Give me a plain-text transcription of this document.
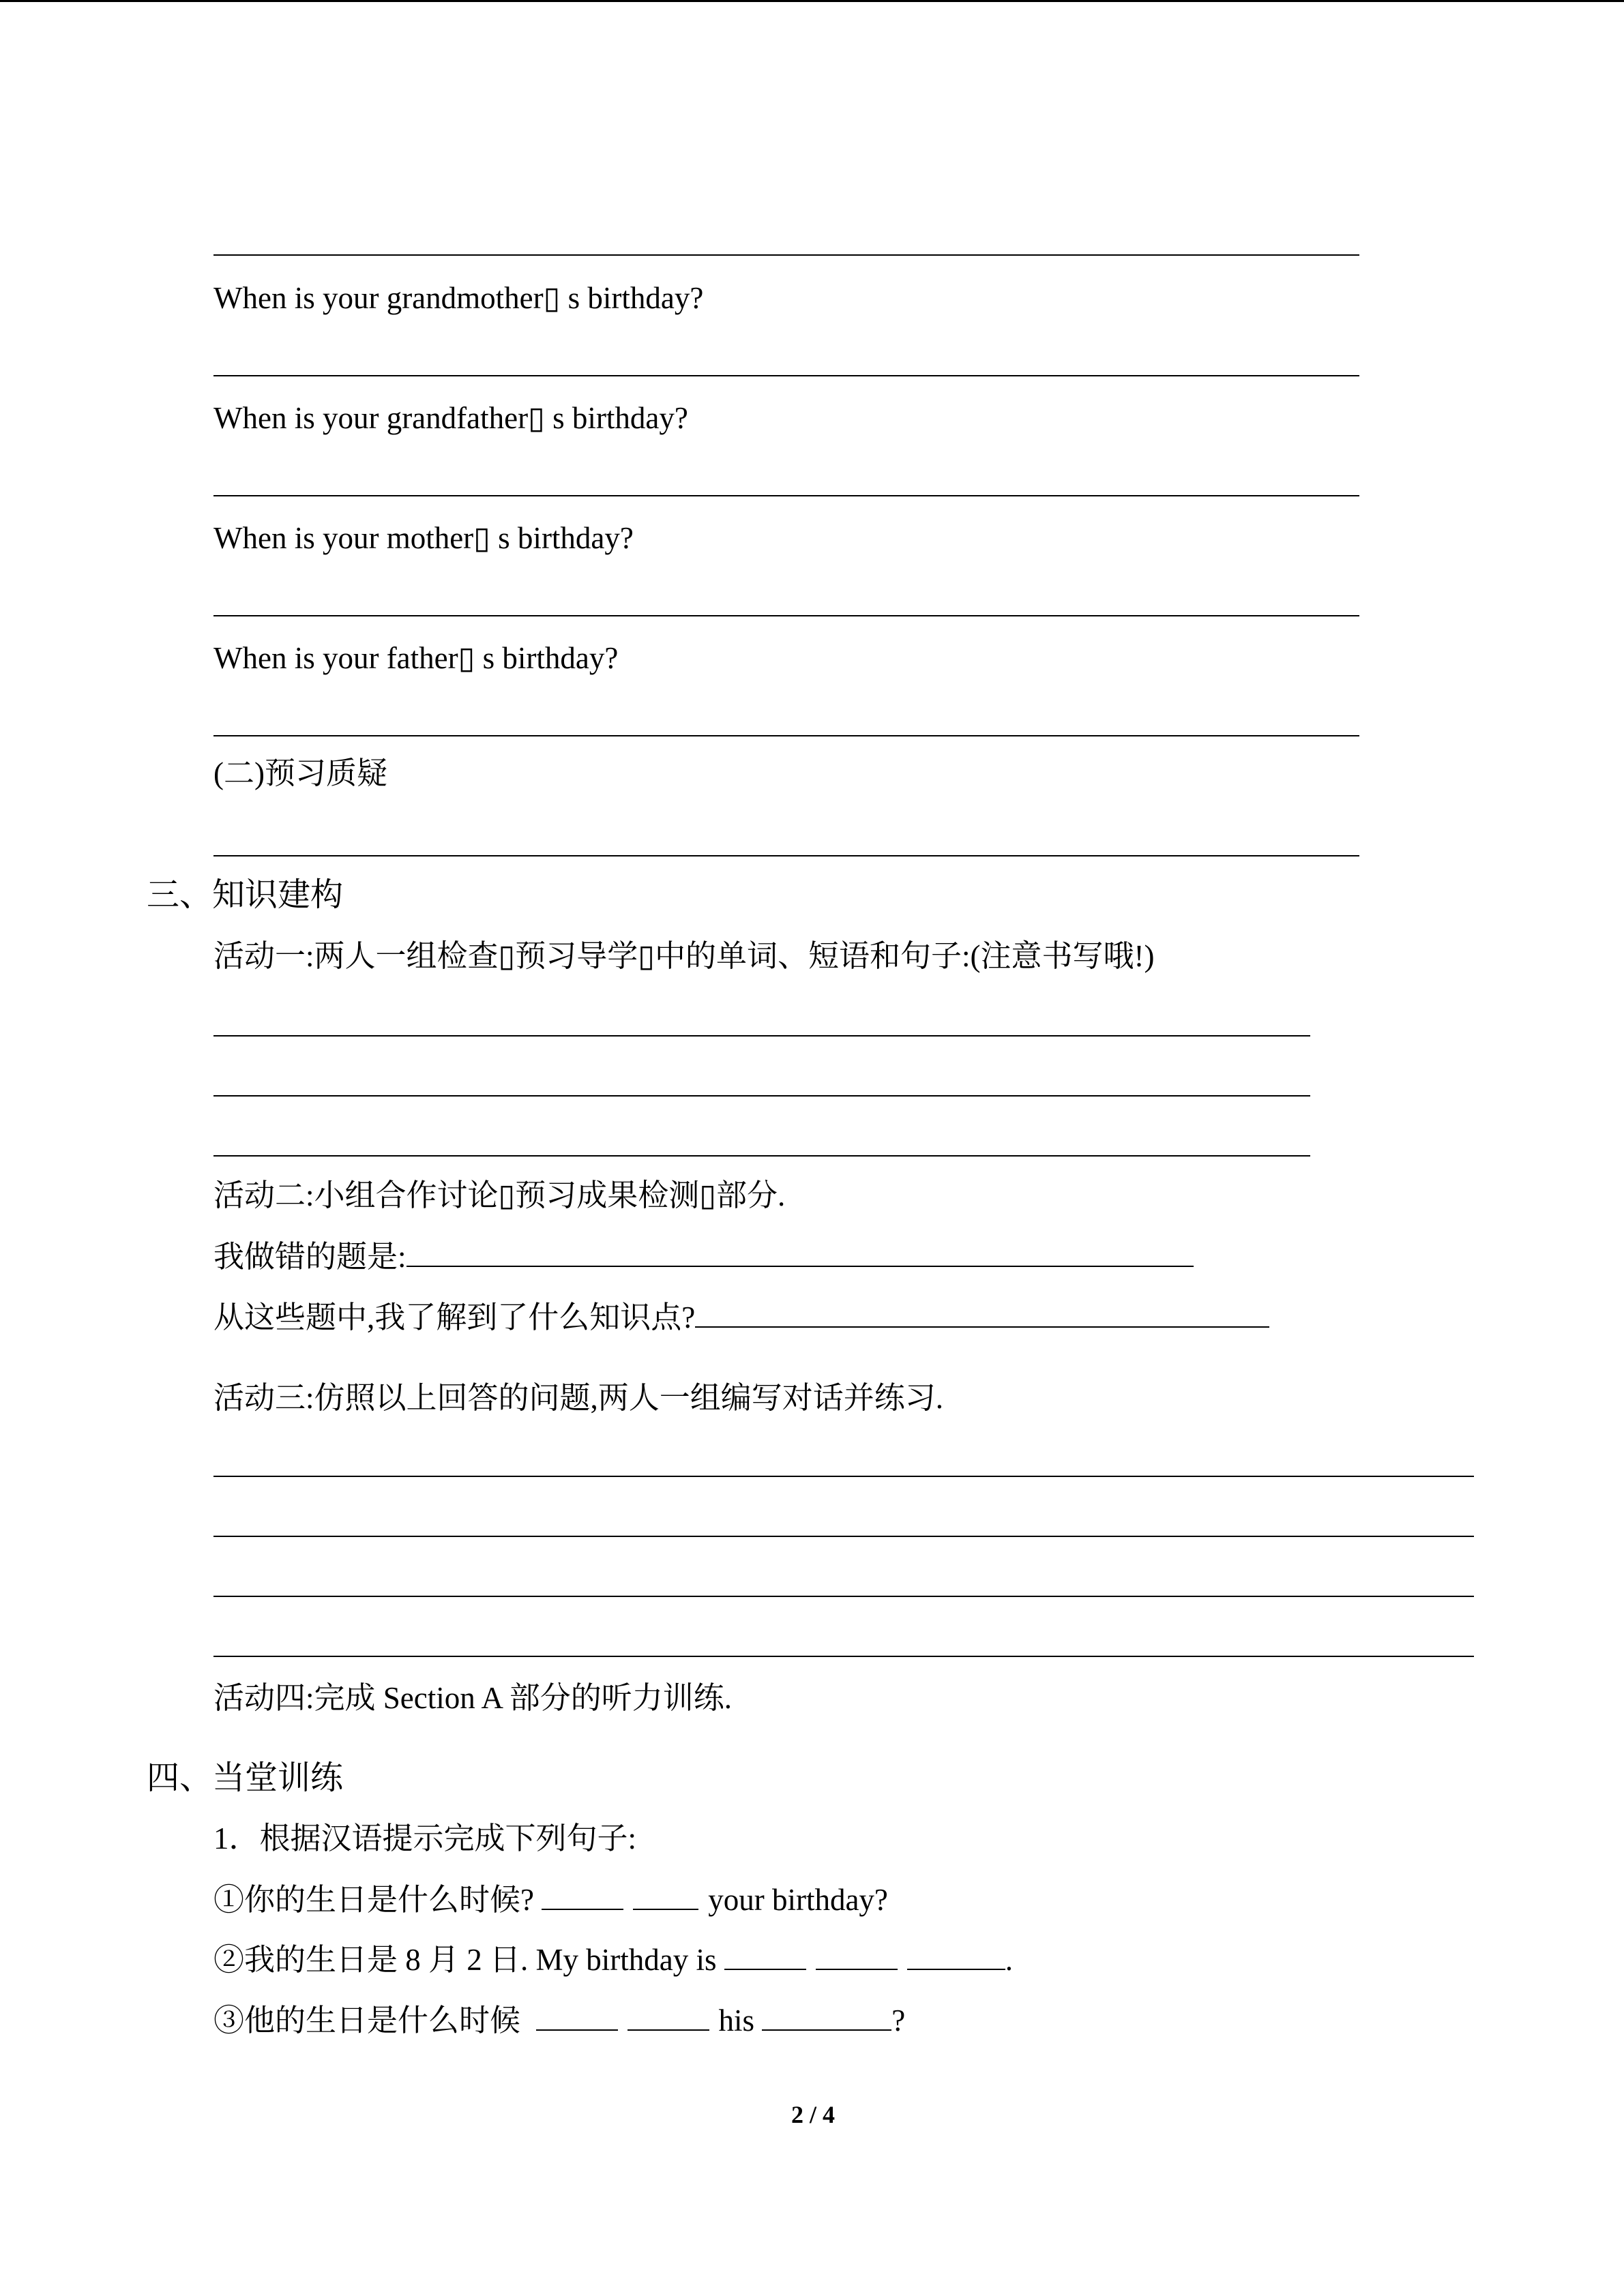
When is your grandmother▯ s birthday?
When is your grandfather▯ s birthday?
When is your mother▯ s birthday?
When is your father▯ s birthday?
(二)预习质疑
三、知识建构
活动一:两人一组检查▯预习导学▯中的单词、短语和句子:(注意书写哦!)
活动二:小组合作讨论▯预习成果检测▯部分.
我做错的题是:
从这些题中,我了解到了什么知识点?
活动三:仿照以上回答的问题,两人一组编写对话并练习.
活动四:完成 Section A 部分的听力训练.
四、当堂训练
1．根据汉语提示完成下列句子:
①你的生日是什么时候?	your birthday?
②我的生日是 8 月 2 日. My birthday is	.
③他的生日是什么时候	his	?
2 / 4
